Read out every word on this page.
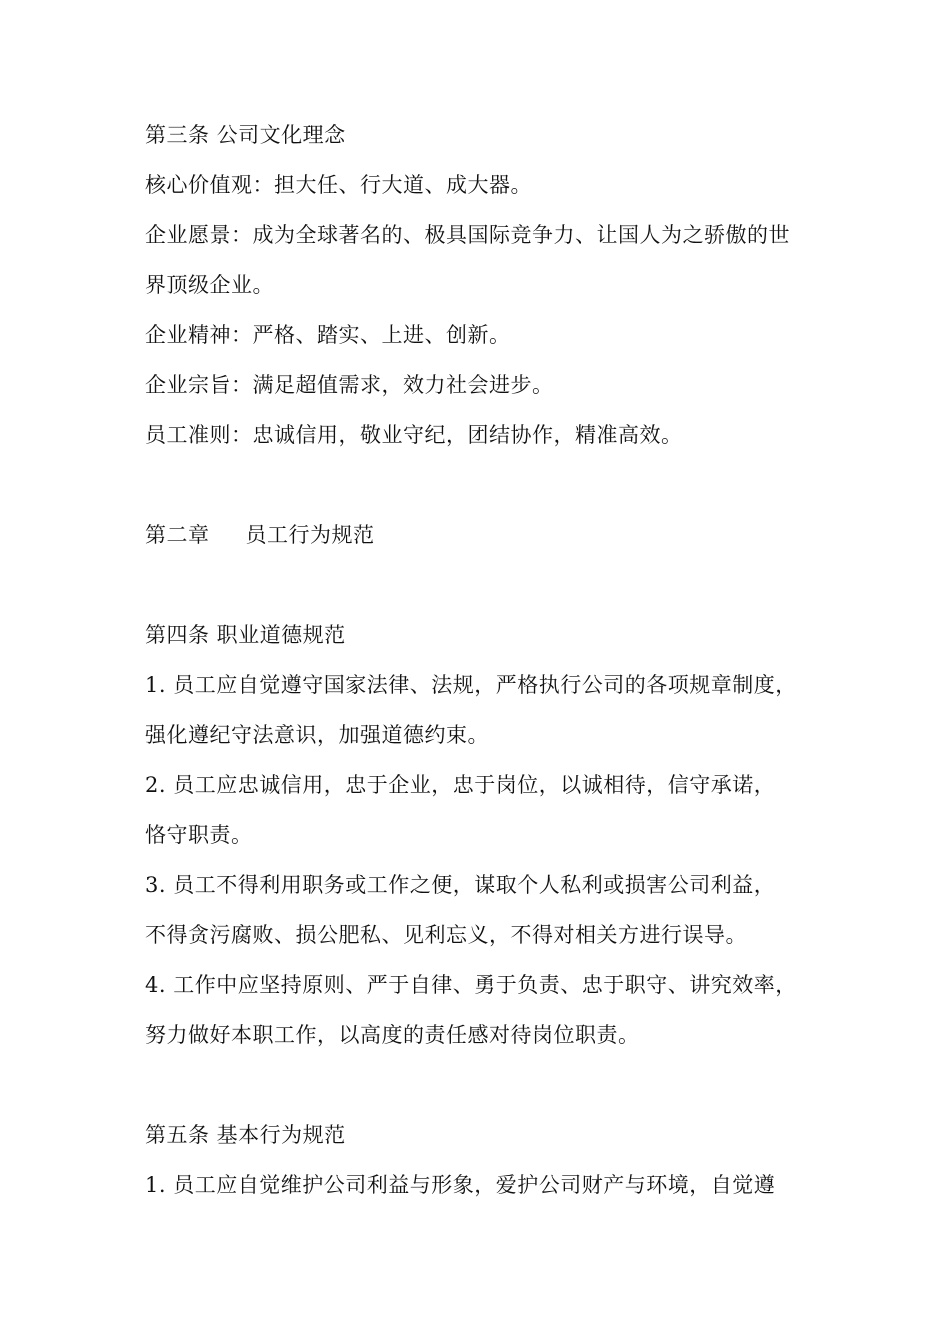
第三条 公司文化理念
核心价值观：担大任、行大道、成大器。
企业愿景：成为全球著名的、极具国际竞争力、让国人为之骄傲的世
界顶级企业。
企业精神：严格、踏实、上进、创新。
企业宗旨：满足超值需求，效力社会进步。
员工准则：忠诚信用，敬业守纪，团结协作，精准高效。
第二章 员工行为规范
第四条 职业道德规范
1. 员工应自觉遵守国家法律、法规，严格执行公司的各项规章制度，
强化遵纪守法意识，加强道德约束。
2. 员工应忠诚信用，忠于企业，忠于岗位，以诚相待，信守承诺，
恪守职责。
3. 员工不得利用职务或工作之便，谋取个人私利或损害公司利益，
不得贪污腐败、损公肥私、见利忘义，不得对相关方进行误导。
4. 工作中应坚持原则、严于自律、勇于负责、忠于职守、讲究效率，
努力做好本职工作，以高度的责任感对待岗位职责。
第五条 基本行为规范
1. 员工应自觉维护公司利益与形象，爱护公司财产与环境，自觉遵
